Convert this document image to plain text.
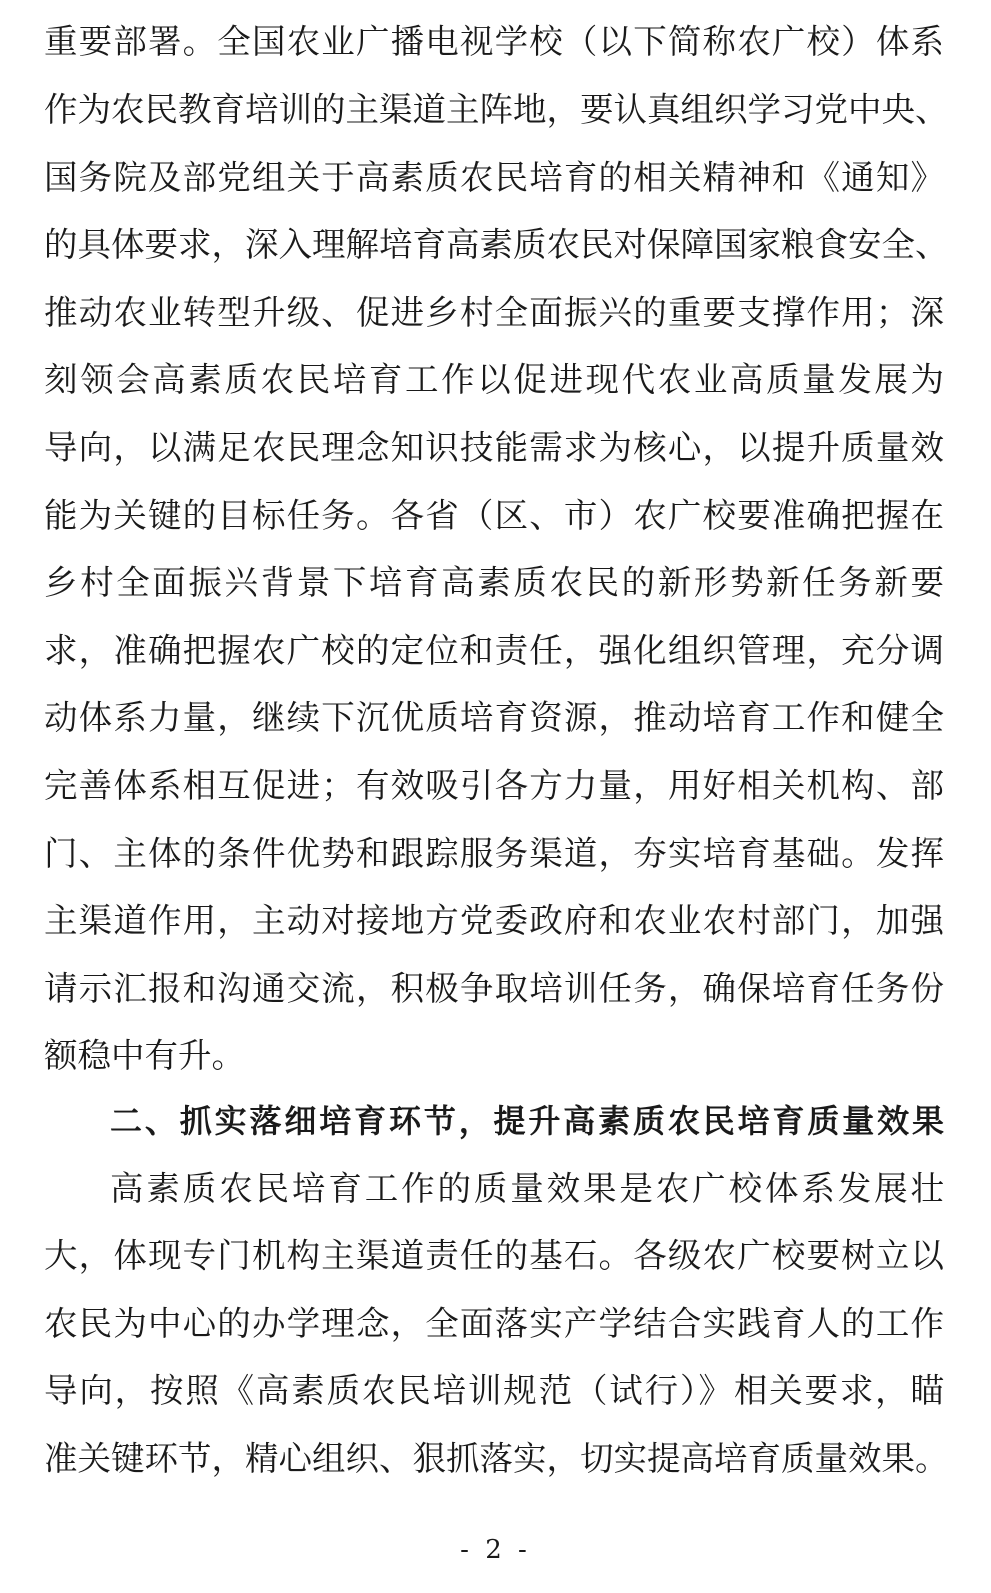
重要部署。全国农业广播电视学校（以下简称农广校）体系
作为农民教育培训的主渠道主阵地，要认真组织学习党中央、
国务院及部党组关于高素质农民培育的相关精神和《通知》
的具体要求，深入理解培育高素质农民对保障国家粮食安全、
推动农业转型升级、促进乡村全面振兴的重要支撑作用；深
刻领会高素质农民培育工作以促进现代农业高质量发展为
导向，以满足农民理念知识技能需求为核心，以提升质量效
能为关键的目标任务。各省（区、市）农广校要准确把握在
乡村全面振兴背景下培育高素质农民的新形势新任务新要
求，准确把握农广校的定位和责任，强化组织管理，充分调
动体系力量，继续下沉优质培育资源，推动培育工作和健全
完善体系相互促进；有效吸引各方力量，用好相关机构、部
门、主体的条件优势和跟踪服务渠道，夯实培育基础。发挥
主渠道作用，主动对接地方党委政府和农业农村部门，加强
请示汇报和沟通交流，积极争取培训任务，确保培育任务份
额稳中有升。
二、抓实落细培育环节，提升高素质农民培育质量效果
高素质农民培育工作的质量效果是农广校体系发展壮
大，体现专门机构主渠道责任的基石。各级农广校要树立以
农民为中心的办学理念，全面落实产学结合实践育人的工作
导向，按照《高素质农民培训规范（试行）》相关要求，瞄
准关键环节，精心组织、狠抓落实，切实提高培育质量效果。
- 2 -
